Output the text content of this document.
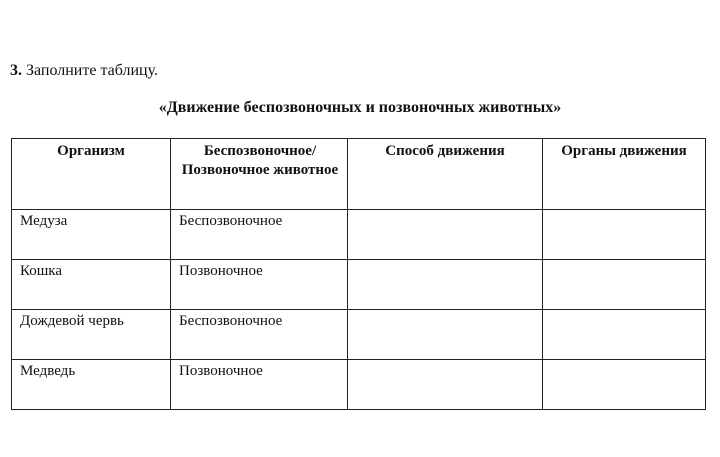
3. Заполните таблицу.
«Движение беспозвоночных и позвоночных животных»
Организм	Беспозвоночное/Позвоночное животное	Способ движения	Органы движения
Медуза	Беспозвоночное		
Кошка	Позвоночное		
Дождевой червь	Беспозвоночное		
Медведь	Позвоночное		
